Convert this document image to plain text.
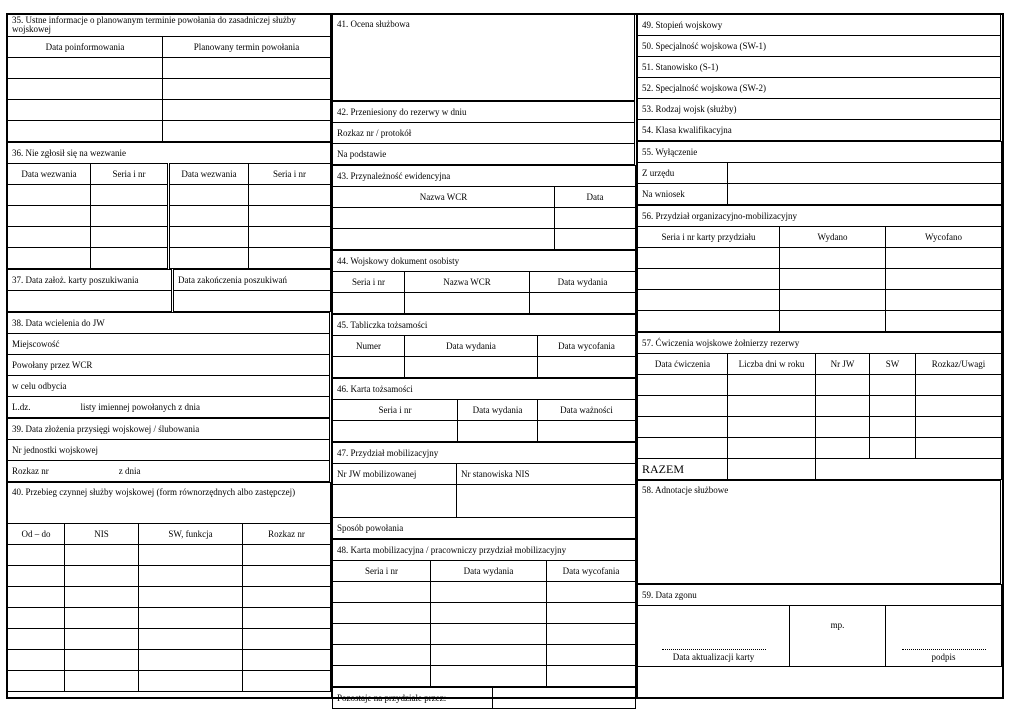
35. Ustne informacje o planowanym terminie powołania do zasadniczej służby wojskowej	
Data poinformowania	Planowany termin powołania

36. Nie zgłosił się na wezwanie			
Data wezwania	Seria i nr	Data wezwania	Seria i nr

37. Data założ. karty poszukiwania	Data zakończenia poszukiwań

38. Data wcielenia do JW
Miejscowość
Powołany przez WCR
w celu odbycia
L.dz.	listy imiennej powołanych z dnia
39. Data złożenia przysięgi wojskowej / ślubowania
Nr jednostki wojskowej
Rozkaz nr	z dnia
40. Przebieg czynnej służby wojskowej (form równorzędnych albo zastępczej)			
Od – do	NIS	SW, funkcja	Rozkaz nr

41. Ocena służbowa
42. Przeniesiony do rezerwy w dniu
Rozkaz nr / protokół
Na podstawie
43. Przynależność ewidencyjna	
Nazwa WCR	Data

44. Wojskowy dokument osobisty		
Seria i nr	Nazwa WCR	Data wydania

45. Tabliczka tożsamości		
Numer	Data wydania	Data wycofania

46. Karta tożsamości		
Seria i nr	Data wydania	Data ważności

47. Przydział mobilizacyjny	
Nr JW mobilizowanej	Nr stanowiska NIS

Sposób powołania	
48. Karta mobilizacyjna / pracowniczy przydział mobilizacyjny		
Seria i nr	Data wydania	Data wycofania

Pozostaje na przydziale przez:	
49. Stopień wojskowy
50. Specjalność wojskowa (SW-1)
51. Stanowisko (S-1)
52. Specjalność wojskowa (SW-2)
53. Rodzaj wojsk (służby)
54. Klasa kwalifikacyjna
55. Wyłączenie	
Z urzędu	
Na wniosek	
56. Przydział organizacyjno-mobilizacyjny		
Seria i nr karty przydziału	Wydano	Wycofano

57. Ćwiczenia wojskowe żołnierzy rezerwy				
Data ćwiczenia	Liczba dni w roku	Nr JW	SW	Rozkaz/Uwagi

RAZEM				
58. Adnotacje służbowe
59. Data zgonu

Data aktualizacji karty
	mp.	
podpis
